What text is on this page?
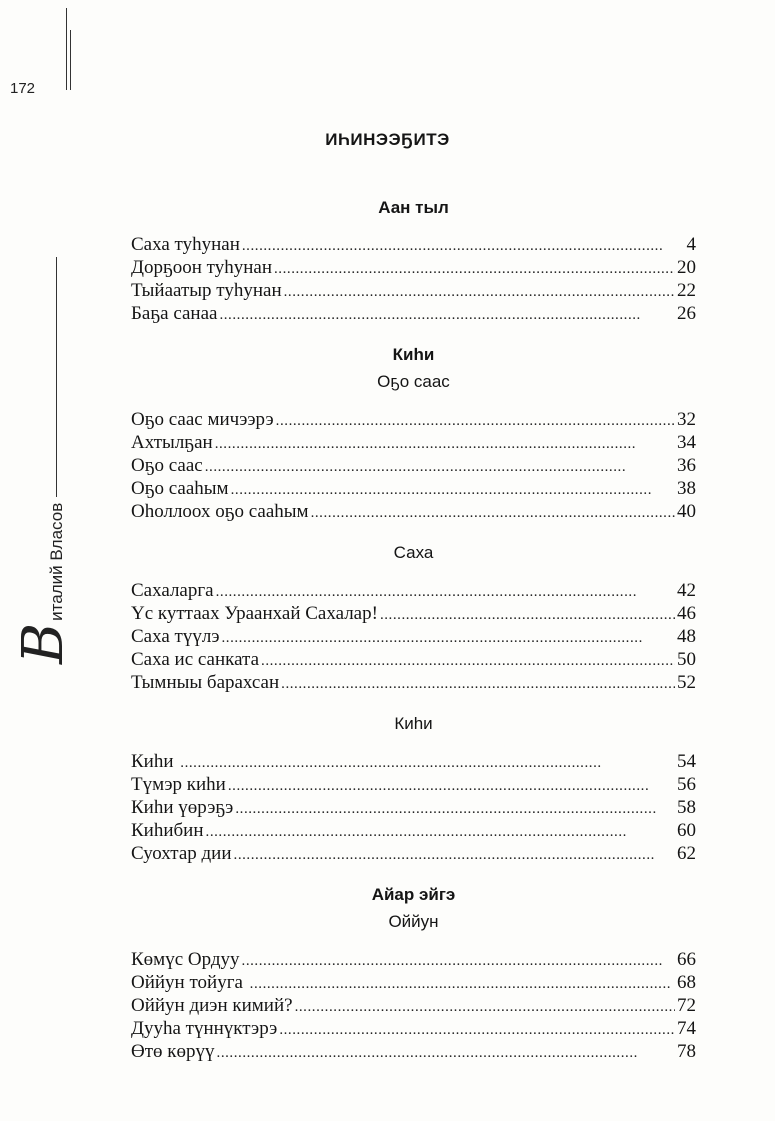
172
В
италий Власов
ИҺИНЭЭҔИТЭ
Аан тыл
Саха туһунан . . .	4
Дорҕоон туһунан . . .	20
Тыйаатыр туһунан . . .	22
Баҕа санаа . . .	26
Киһи
Оҕо саас
Оҕо саас мичээрэ . . .	32
Ахтылҕан . . .	34
Оҕо саас . . .	36
Оҕо сааһым . . .	38
Оһоллоох оҕо сааһым . . .	40
Саха
Сахаларга . . .	42
Үс куттаах Ураанхай Сахалар! . . .	46
Саха түүлэ . . .	48
Саха ис санката . . .	50
Тымныы барахсан . . .	52
Киһи
Киһи . . .	54
Түмэр киһи . . .	56
Киһи үөрэҕэ . . .	58
Киһибин . . .	60
Суохтар дии . . .	62
Айар эйгэ
Оййун
Көмүс Ордуу . . .	66
Оййун тойуга . . .	68
Оййун диэн кимий? . . .	72
Дууһа түннүктэрэ . . .	74
Өтө көрүү . . .	78
